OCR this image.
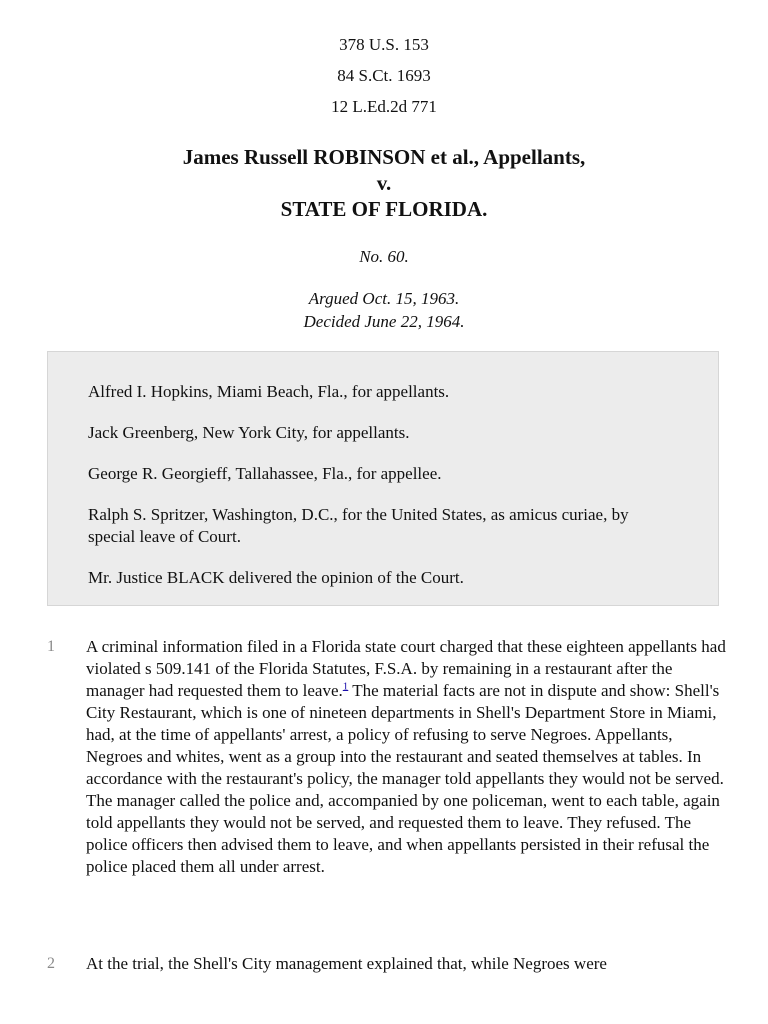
378 U.S. 153
84 S.Ct. 1693
12 L.Ed.2d 771
James Russell ROBINSON et al., Appellants,
v.
STATE OF FLORIDA.
No. 60.
Argued Oct. 15, 1963.
Decided June 22, 1964.
Alfred I. Hopkins, Miami Beach, Fla., for appellants.
Jack Greenberg, New York City, for appellants.
George R. Georgieff, Tallahassee, Fla., for appellee.
Ralph S. Spritzer, Washington, D.C., for the United States, as amicus curiae, by special leave of Court.
Mr. Justice BLACK delivered the opinion of the Court.
1 A criminal information filed in a Florida state court charged that these eighteen appellants had violated s 509.141 of the Florida Statutes, F.S.A. by remaining in a restaurant after the manager had requested them to leave.$^1$ The material facts are not in dispute and show: Shell's City Restaurant, which is one of nineteen departments in Shell's Department Store in Miami, had, at the time of appellants' arrest, a policy of refusing to serve Negroes. Appellants, Negroes and whites, went as a group into the restaurant and seated themselves at tables. In accordance with the restaurant's policy, the manager told appellants they would not be served. The manager called the police and, accompanied by one policeman, went to each table, again told appellants they would not be served, and requested them to leave. They refused. The police officers then advised them to leave, and when appellants persisted in their refusal the police placed them all under arrest.
2 At the trial, the Shell's City management explained that, while Negroes were
